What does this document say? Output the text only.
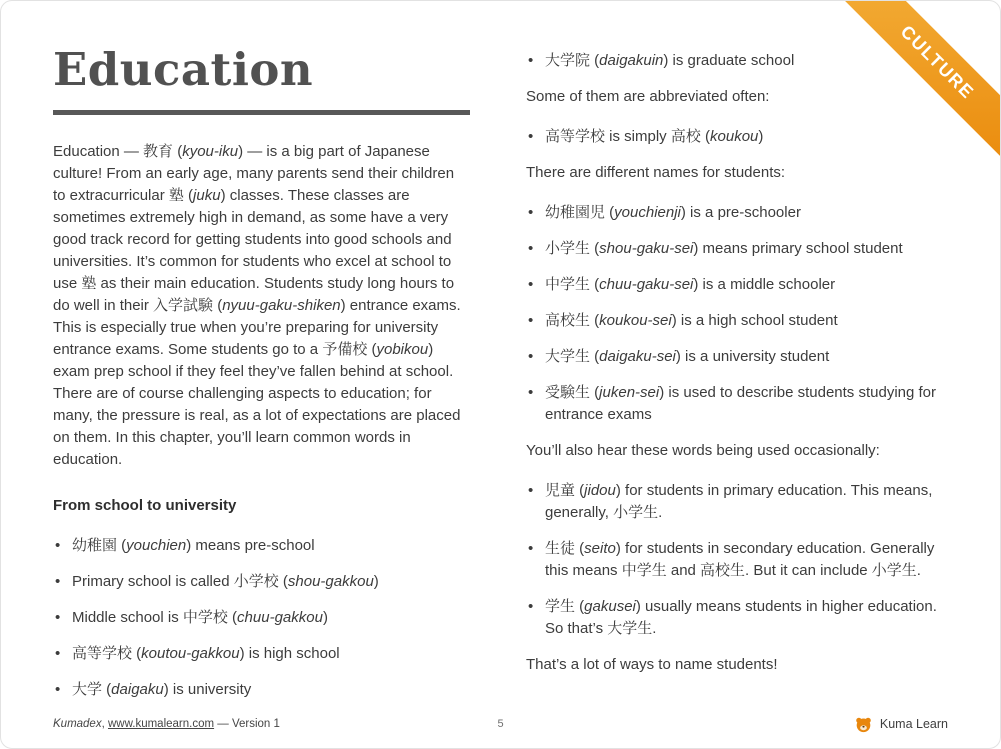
CULTURE
Education

Education — 教育 (kyou-iku) — is a big part of Japanese culture! From an early age, many parents send their children to extracurricular 塾 (juku) classes. These classes are sometimes extremely high in demand, as some have a very good track record for getting students into good schools and universities. It’s common for students who excel at school to use 塾 as their main education. Students study long hours to do well in their 入学試験 (nyuu-gaku-shiken) entrance exams. This is especially true when you’re preparing for university entrance exams. Some students go to a 予備校 (yobikou) exam prep school if they feel they’ve fallen behind at school. There are of course challenging aspects to education; for many, the pressure is real, as a lot of expectations are placed on them. In this chapter, you’ll learn common words in education.

From school to university
• 幼稚園 (youchien) means pre-school
• Primary school is called 小学校 (shou-gakkou)
• Middle school is 中学校 (chuu-gakkou)
• 高等学校 (koutou-gakkou) is high school
• 大学 (daigaku) is university
• 大学院 (daigakuin) is graduate school

Some of them are abbreviated often:

• 高等学校 is simply 高校 (koukou)

There are different names for students:

• 幼稚園児 (youchienji) is a pre-schooler
• 小学生 (shou-gaku-sei) means primary school student
• 中学生 (chuu-gaku-sei) is a middle schooler
• 高校生 (koukou-sei) is a high school student
• 大学生 (daigaku-sei) is a university student
• 受験生 (juken-sei) is used to describe students studying for entrance exams

You’ll also hear these words being used occasionally:

• 児童 (jidou) for students in primary education. This means, generally, 小学生.
• 生徒 (seito) for students in secondary education. Generally this means 中学生 and 高校生. But it can include 小学生.
• 学生 (gakusei) usually means students in higher education. So that’s 大学生.

That’s a lot of ways to name students!

Kumadex, www.kumalearn.com — Version 1	5	Kuma Learn
